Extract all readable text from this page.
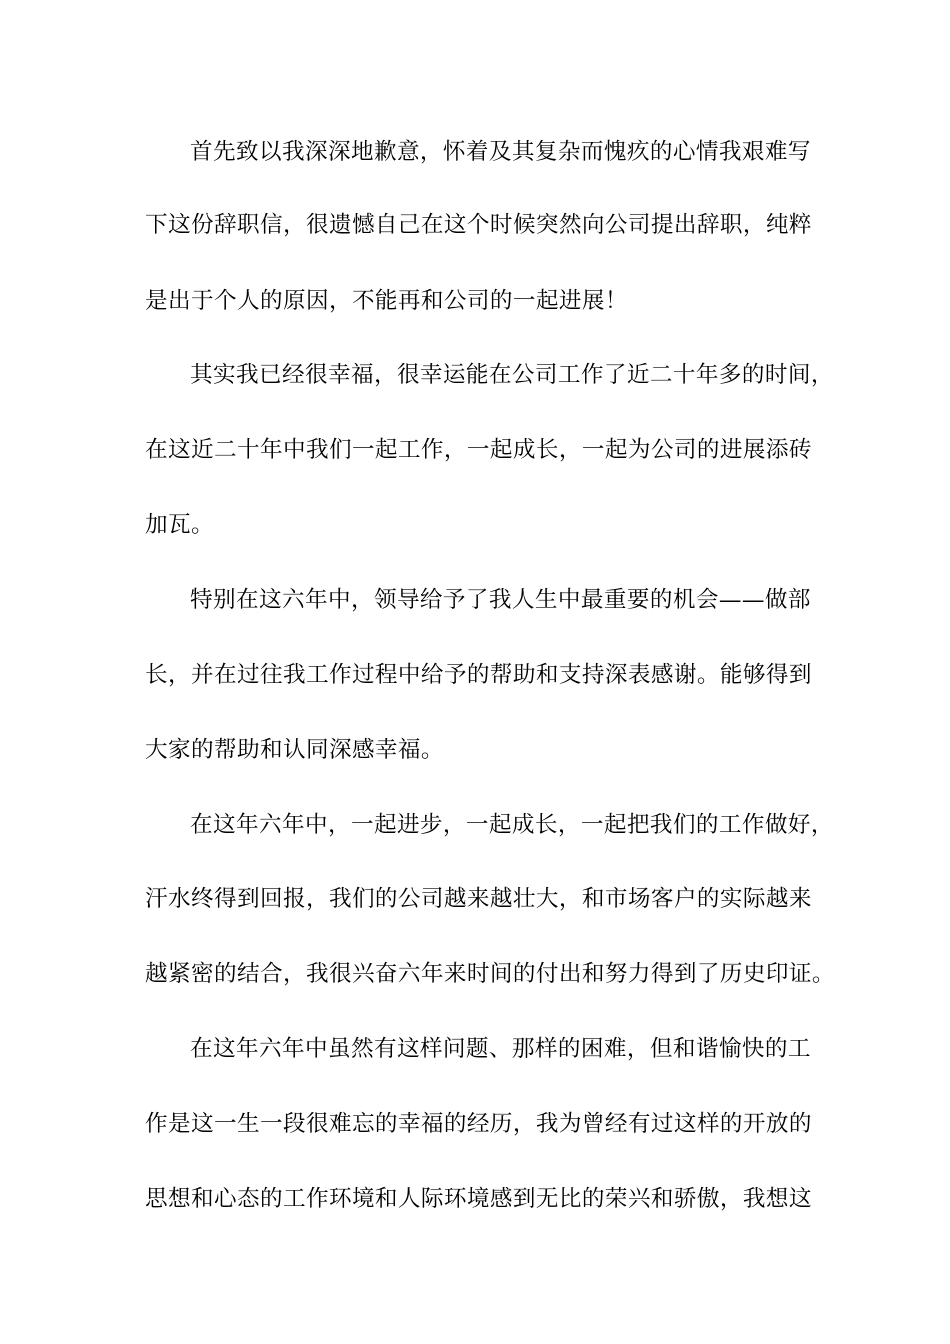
首先致以我深深地歉意，怀着及其复杂而愧疚的心情我艰难写
下这份辞职信，很遗憾自己在这个时候突然向公司提出辞职，纯粹
是出于个人的原因，不能再和公司的一起进展！
其实我已经很幸福，很幸运能在公司工作了近二十年多的时间，
在这近二十年中我们一起工作，一起成长，一起为公司的进展添砖
加瓦。
特别在这六年中，领导给予了我人生中最重要的机会——做部
长，并在过往我工作过程中给予的帮助和支持深表感谢。能够得到
大家的帮助和认同深感幸福。
在这年六年中，一起进步，一起成长，一起把我们的工作做好，
汗水终得到回报，我们的公司越来越壮大，和市场客户的实际越来
越紧密的结合，我很兴奋六年来时间的付出和努力得到了历史印证。
在这年六年中虽然有这样问题、那样的困难，但和谐愉快的工
作是这一生一段很难忘的幸福的经历，我为曾经有过这样的开放的
思想和心态的工作环境和人际环境感到无比的荣兴和骄傲，我想这
